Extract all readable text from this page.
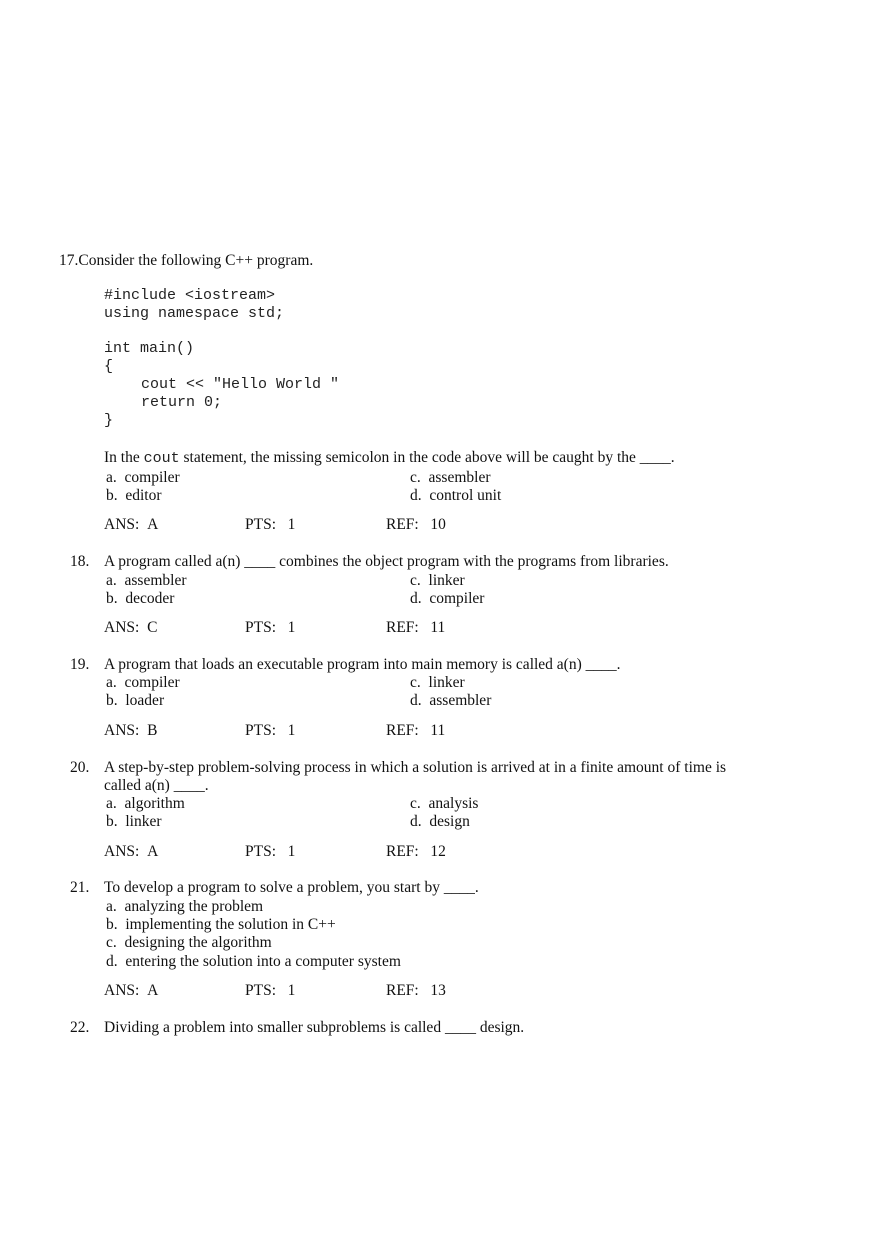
17.Consider the following C++ program.
#include <iostream>
using namespace std;
int main()
{
cout << "Hello World "
return 0;
}
In the cout statement, the missing semicolon in the code above will be caught by the ____.
a. compiler
b. editor
c. assembler
d. control unit
ANS: A	PTS: 1	REF: 10
18. A program called a(n) ____ combines the object program with the programs from libraries.
a. assembler
b. decoder
c. linker
d. compiler
ANS: C	PTS: 1	REF: 11
19. A program that loads an executable program into main memory is called a(n) ____.
a. compiler
b. loader
c. linker
d. assembler
ANS: B	PTS: 1	REF: 11
20. A step-by-step problem-solving process in which a solution is arrived at in a finite amount of time is
called a(n) ____.
a. algorithm
b. linker
c. analysis
d. design
ANS: A	PTS: 1	REF: 12
21. To develop a program to solve a problem, you start by ____.
a. analyzing the problem
b. implementing the solution in C++
c. designing the algorithm
d. entering the solution into a computer system
ANS: A	PTS: 1	REF: 13
22. Dividing a problem into smaller subproblems is called ____ design.
